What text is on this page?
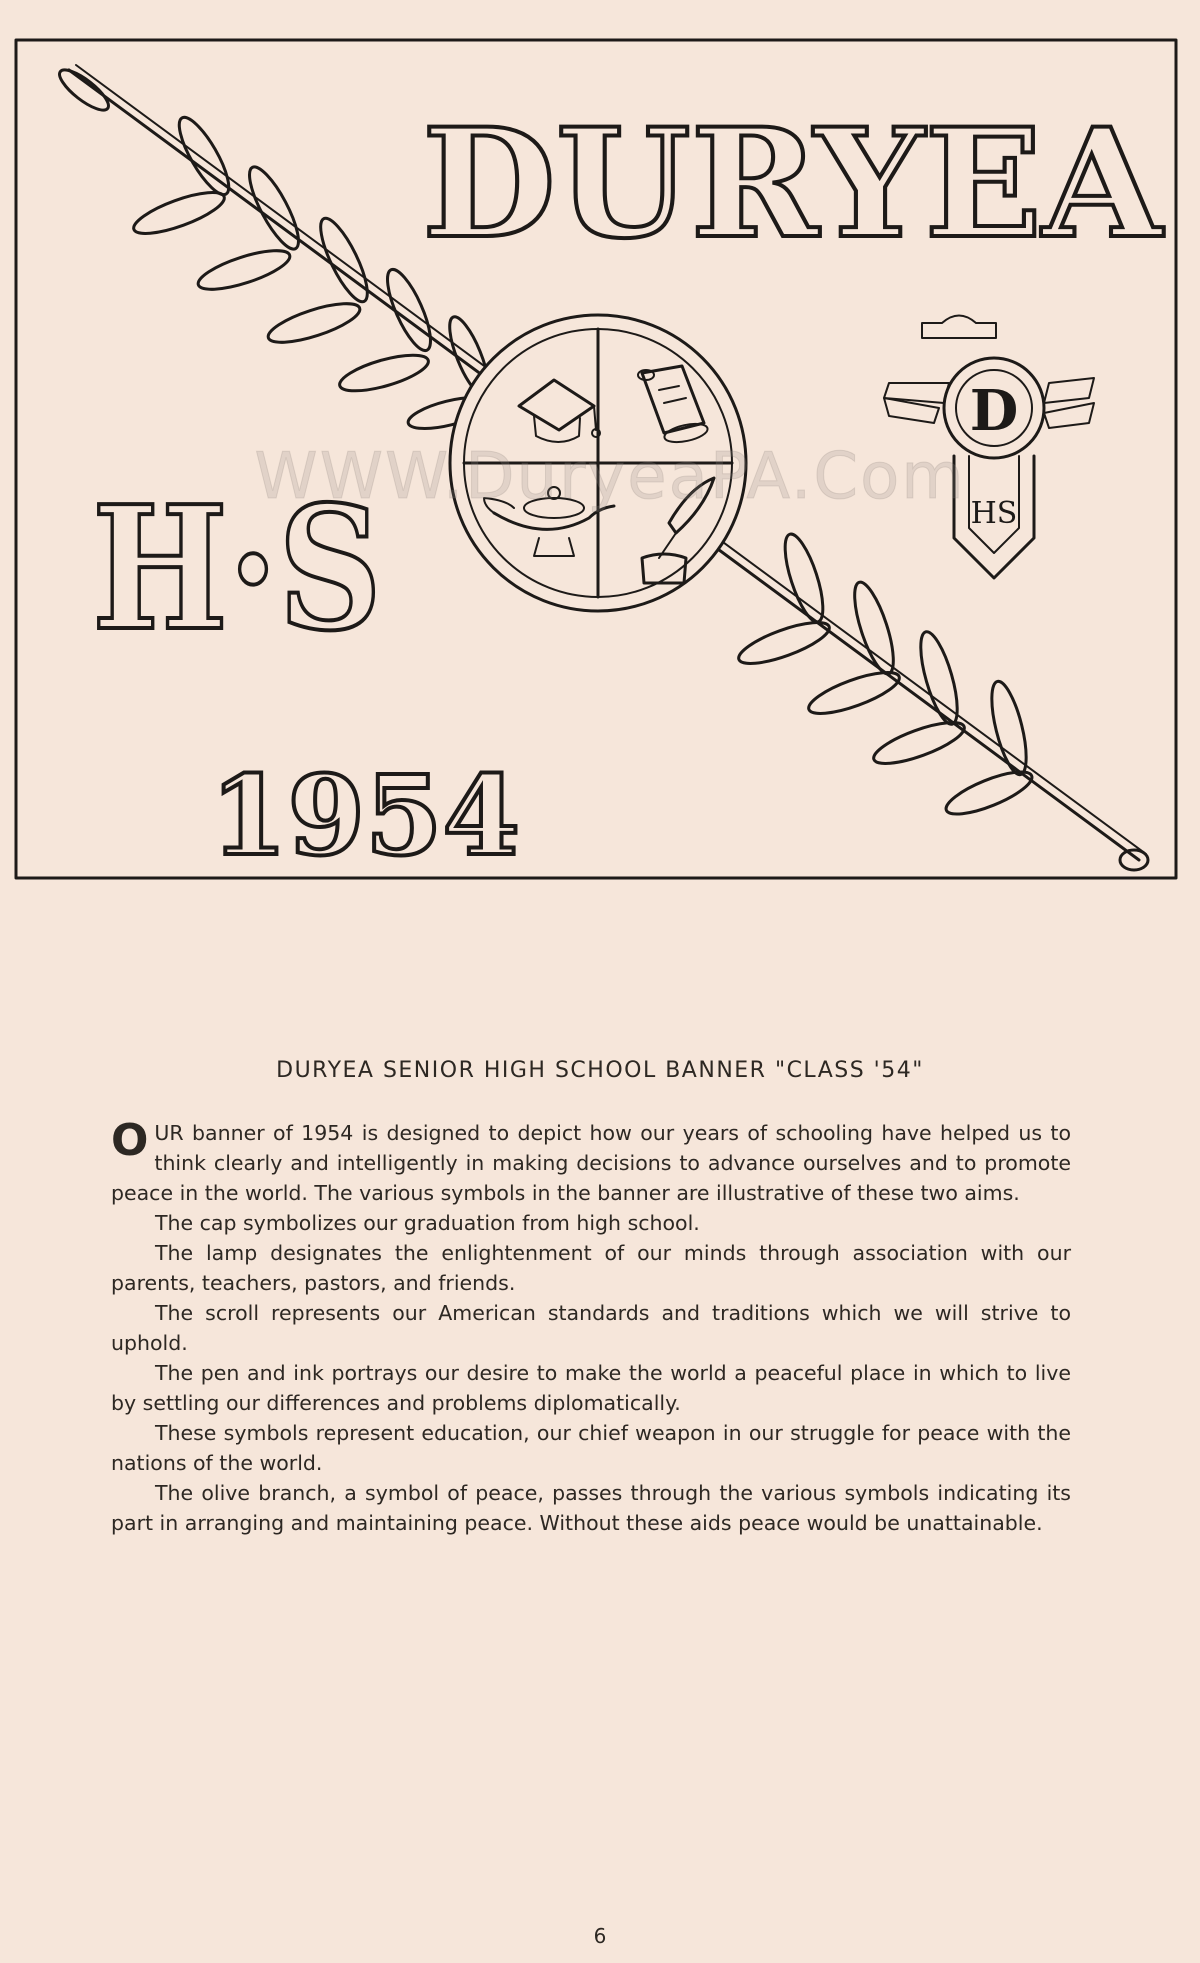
DURYEA
H·S
1954
D
HS
WWW.DuryeaPA.Com
DURYEA SENIOR HIGH SCHOOL BANNER "CLASS '54"

OUR banner of 1954 is designed to depict how our years of schooling have helped us to think clearly and intelligently in making decisions to advance ourselves and to promote peace in the world. The various symbols in the banner are illustrative of these two aims.

The cap symbolizes our graduation from high school.

The lamp designates the enlightenment of our minds through association with our parents, teachers, pastors, and friends.

The scroll represents our American standards and traditions which we will strive to uphold.

The pen and ink portrays our desire to make the world a peaceful place in which to live by settling our differences and problems diplomatically.

These symbols represent education, our chief weapon in our struggle for peace with the nations of the world.

The olive branch, a symbol of peace, passes through the various symbols indicating its part in arranging and maintaining peace. Without these aids peace would be unattainable.

6
